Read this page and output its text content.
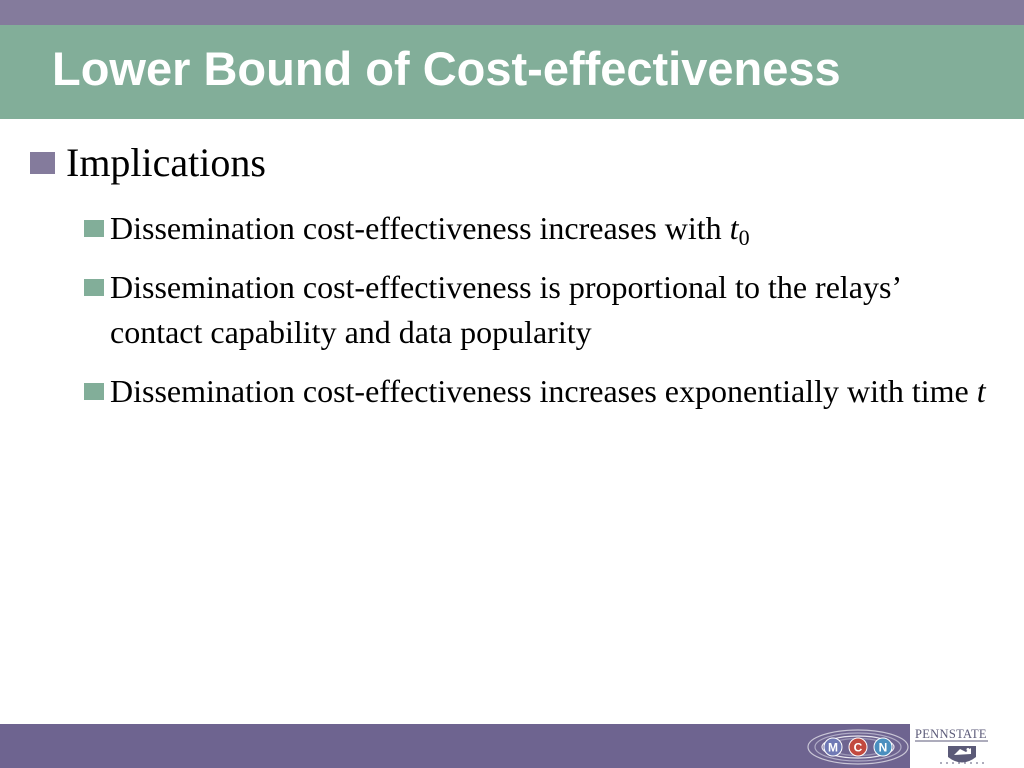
Lower Bound of Cost-effectiveness
Implications
Dissemination cost-effectiveness increases with $t_0$
Dissemination cost-effectiveness is proportional to the relays’ contact capability and data popularity
Dissemination cost-effectiveness increases exponentially with time t
M C N
PENNSTATE
